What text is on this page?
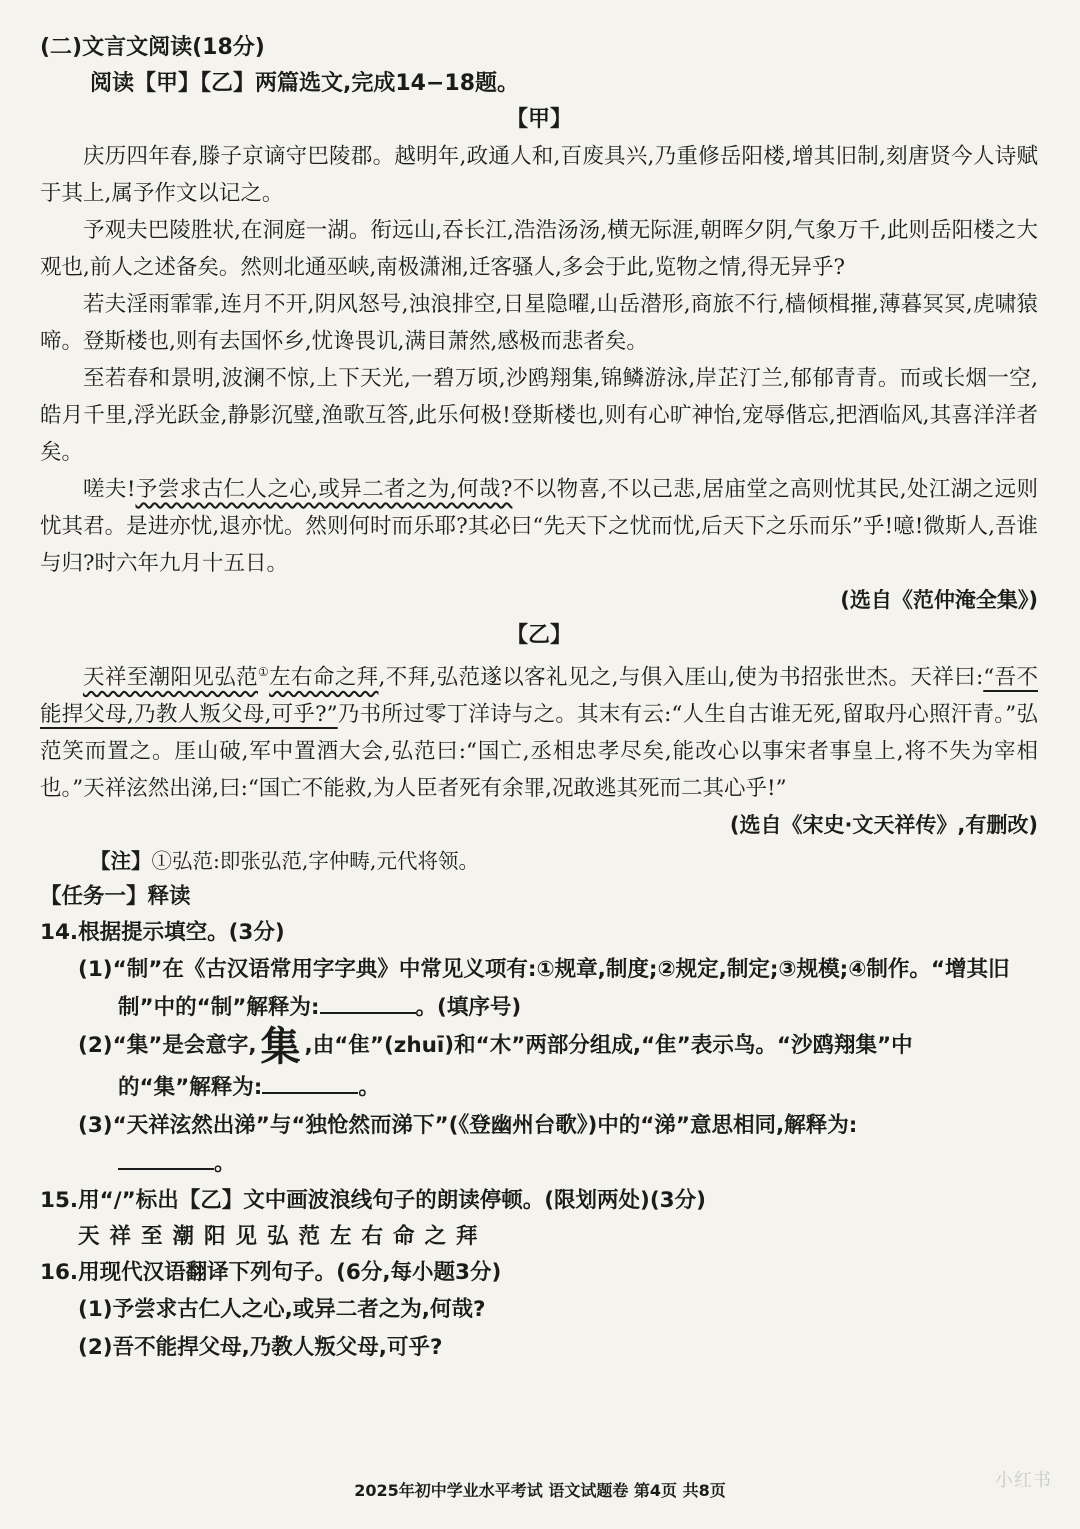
(二)文言文阅读(18分)
阅读【甲】【乙】两篇选文,完成14−18题。
【甲】

庆历四年春,滕子京谪守巴陵郡。越明年,政通人和,百废具兴,乃重修岳阳楼,增其旧制,刻唐贤今人诗赋于其上,属予作文以记之。

予观夫巴陵胜状,在洞庭一湖。衔远山,吞长江,浩浩汤汤,横无际涯,朝晖夕阴,气象万千,此则岳阳楼之大观也,前人之述备矣。然则北通巫峡,南极潇湘,迁客骚人,多会于此,览物之情,得无异乎?

若夫淫雨霏霏,连月不开,阴风怒号,浊浪排空,日星隐曜,山岳潜形,商旅不行,樯倾楫摧,薄暮冥冥,虎啸猿啼。登斯楼也,则有去国怀乡,忧谗畏讥,满目萧然,感极而悲者矣。

至若春和景明,波澜不惊,上下天光,一碧万顷,沙鸥翔集,锦鳞游泳,岸芷汀兰,郁郁青青。而或长烟一空,皓月千里,浮光跃金,静影沉璧,渔歌互答,此乐何极!登斯楼也,则有心旷神怡,宠辱偕忘,把酒临风,其喜洋洋者矣。

嗟夫!予尝求古仁人之心,或异二者之为,何哉?不以物喜,不以己悲,居庙堂之高则忧其民,处江湖之远则忧其君。是进亦忧,退亦忧。然则何时而乐耶?其必曰“先天下之忧而忧,后天下之乐而乐”乎!噫!微斯人,吾谁与归?时六年九月十五日。

(选自《范仲淹全集》)
【乙】

天祥至潮阳见弘范①左右命之拜,不拜,弘范遂以客礼见之,与俱入厓山,使为书招张世杰。天祥曰:“吾不能捍父母,乃教人叛父母,可乎?”乃书所过零丁洋诗与之。其末有云:“人生自古谁无死,留取丹心照汗青。”弘范笑而置之。厓山破,军中置酒大会,弘范曰:“国亡,丞相忠孝尽矣,能改心以事宋者事皇上,将不失为宰相也。”天祥泫然出涕,曰:“国亡不能救,为人臣者死有余罪,况敢逃其死而二其心乎!”

(选自《宋史·文天祥传》,有删改)
【注】①弘范:即张弘范,字仲畴,元代将领。
【任务一】释读
14.根据提示填空。(3分)
(1)“制”在《古汉语常用字字典》中常见义项有:①规章,制度;②规定,制定;③规模;④制作。“增其旧制”中的“制”解释为:	。(填序号)
(2)“集”是会意字, 集 ,由“隹”(zhuī)和“木”两部分组成,“隹”表示鸟。“沙鸥翔集”中
的“集”解释为:	。
(3)“天祥泫然出涕”与“独怆然而涕下”(《登幽州台歌》)中的“涕”意思相同,解释为:
。
15.用“/”标出【乙】文中画波浪线句子的朗读停顿。(限划两处)(3分)
天祥至潮阳见弘范左右命之拜
16.用现代汉语翻译下列句子。(6分,每小题3分)
(1)予尝求古仁人之心,或异二者之为,何哉?
(2)吾不能捍父母,乃教人叛父母,可乎?
2025年初中学业水平考试 语文试题卷 第4页 共8页	小红书
